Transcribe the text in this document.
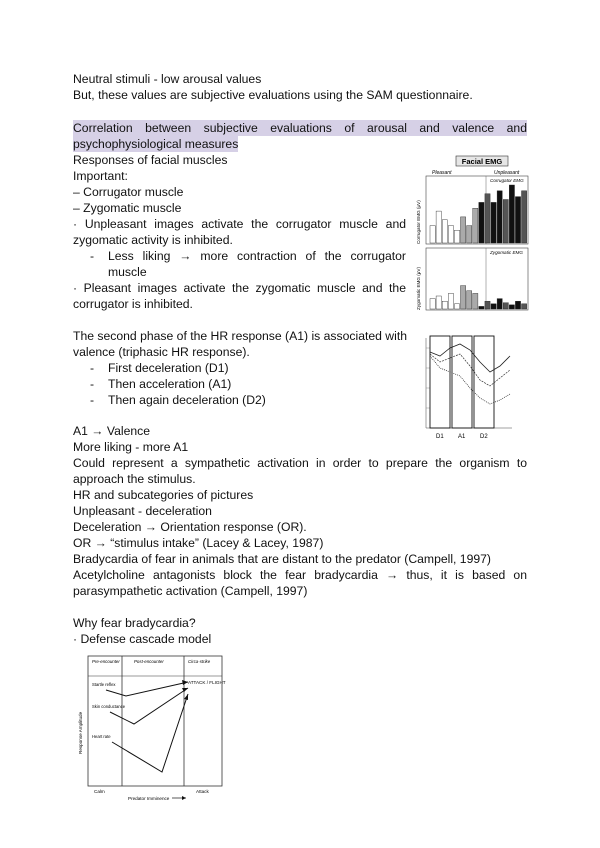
Neutral stimuli - low arousal values
But, these values are subjective evaluations using the SAM questionnaire.
Correlation between subjective evaluations of arousal and valence and
psychophysiological measures
Responses of facial muscles
Important:
– Corrugator muscle
– Zygomatic muscle
· Unpleasant images activate the corrugator muscle and
zygomatic activity is inhibited.
- Less liking → more contraction of the corrugator
muscle
· Pleasant images activate the zygomatic muscle and the
corrugator is inhibited.
Facial EMG
Pleasant	Unpleasant
Corrugator EMG
Corrugator EMG (μV)
Zygomatic EMG
Zygomatic EMG (μV)
The second phase of the HR response (A1) is associated with
valence (triphasic HR response).
- First deceleration (D1)
- Then acceleration (A1)
- Then again deceleration (D2)
D1 A1 D2
A1 → Valence
More liking - more A1
Could represent a sympathetic activation in order to prepare the organism to
approach the stimulus.
HR and subcategories of pictures
Unpleasant - deceleration
Deceleration → Orientation response (OR).
OR → “stimulus intake” (Lacey & Lacey, 1987)
Bradycardia of fear in animals that are distant to the predator (Campell, 1997)
Acetylcholine antagonists block the fear bradycardia → thus, it is based on
parasympathetic activation (Campell, 1997)
Why fear bradycardia?
· Defense cascade model
Pre-encounter	Post-encounter	Circa-strike
Startle reflex
Skin conductance
Heart rate
ATTACK / FLIGHT
Response Amplitude
Calm	Attack
Predator Imminence
